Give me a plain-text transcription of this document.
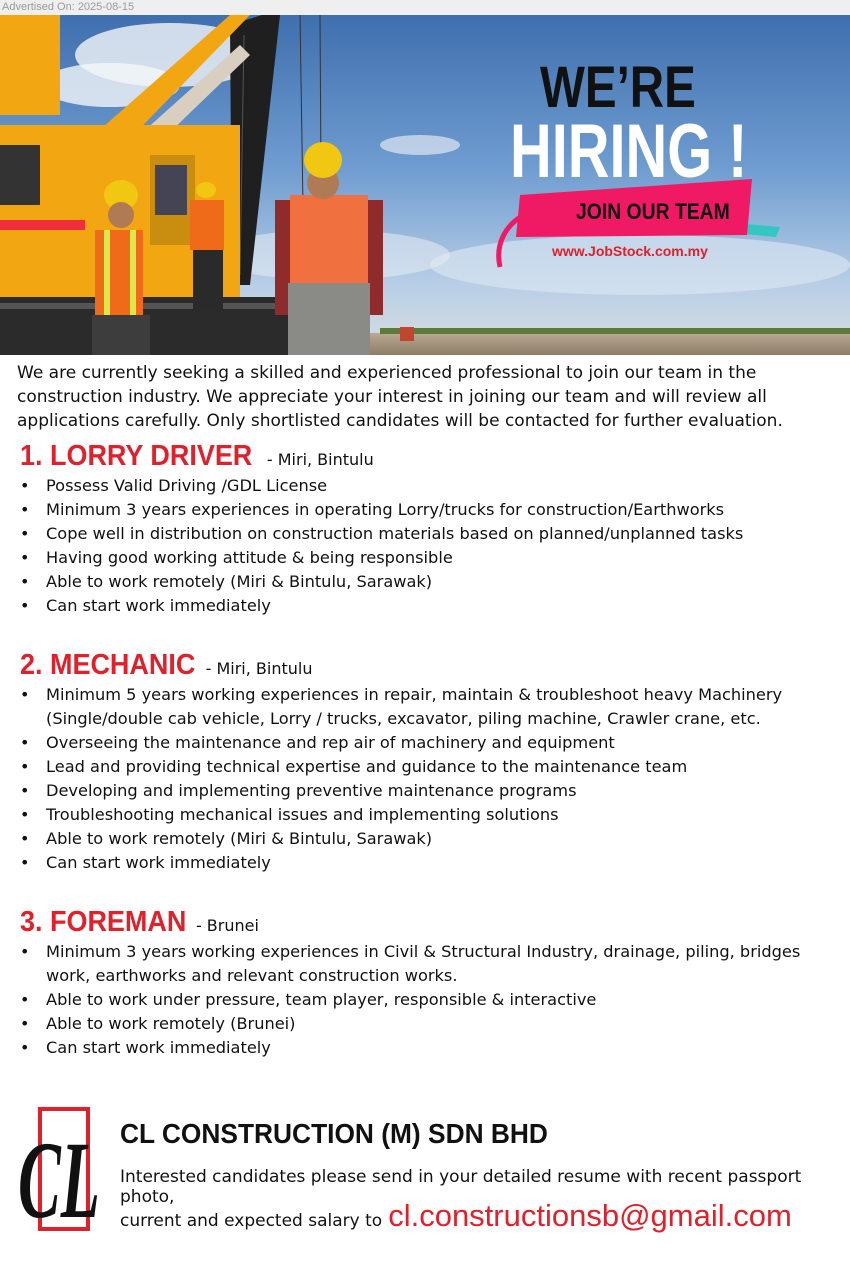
Advertised On: 2025-08-15
WE’RE
HIRING !
JOIN OUR TEAM
www.JobStock.com.my
We are currently seeking a skilled and experienced professional to join our team in the construction industry. We appreciate your interest in joining our team and will review all applications carefully. Only shortlisted candidates will be contacted for further evaluation.
1. LORRY DRIVER - Miri, Bintulu
• Possess Valid Driving /GDL License
• Minimum 3 years experiences in operating Lorry/trucks for construction/Earthworks
• Cope well in distribution on construction materials based on planned/unplanned tasks
• Having good working attitude & being responsible
• Able to work remotely (Miri & Bintulu, Sarawak)
• Can start work immediately
2. MECHANIC - Miri, Bintulu
• Minimum 5 years working experiences in repair, maintain & troubleshoot heavy Machinery (Single/double cab vehicle, Lorry / trucks, excavator, piling machine, Crawler crane, etc.
• Overseeing the maintenance and rep air of machinery and equipment
• Lead and providing technical expertise and guidance to the maintenance team
• Developing and implementing preventive maintenance programs
• Troubleshooting mechanical issues and implementing solutions
• Able to work remotely (Miri & Bintulu, Sarawak)
• Can start work immediately
3. FOREMAN - Brunei
• Minimum 3 years working experiences in Civil & Structural Industry, drainage, piling, bridges work, earthworks and relevant construction works.
• Able to work under pressure, team player, responsible & interactive
• Able to work remotely (Brunei)
• Can start work immediately
CL CL CONSTRUCTION (M) SDN BHD
Interested candidates please send in your detailed resume with recent passport photo,
current and expected salary to cl.constructionsb@gmail.com
